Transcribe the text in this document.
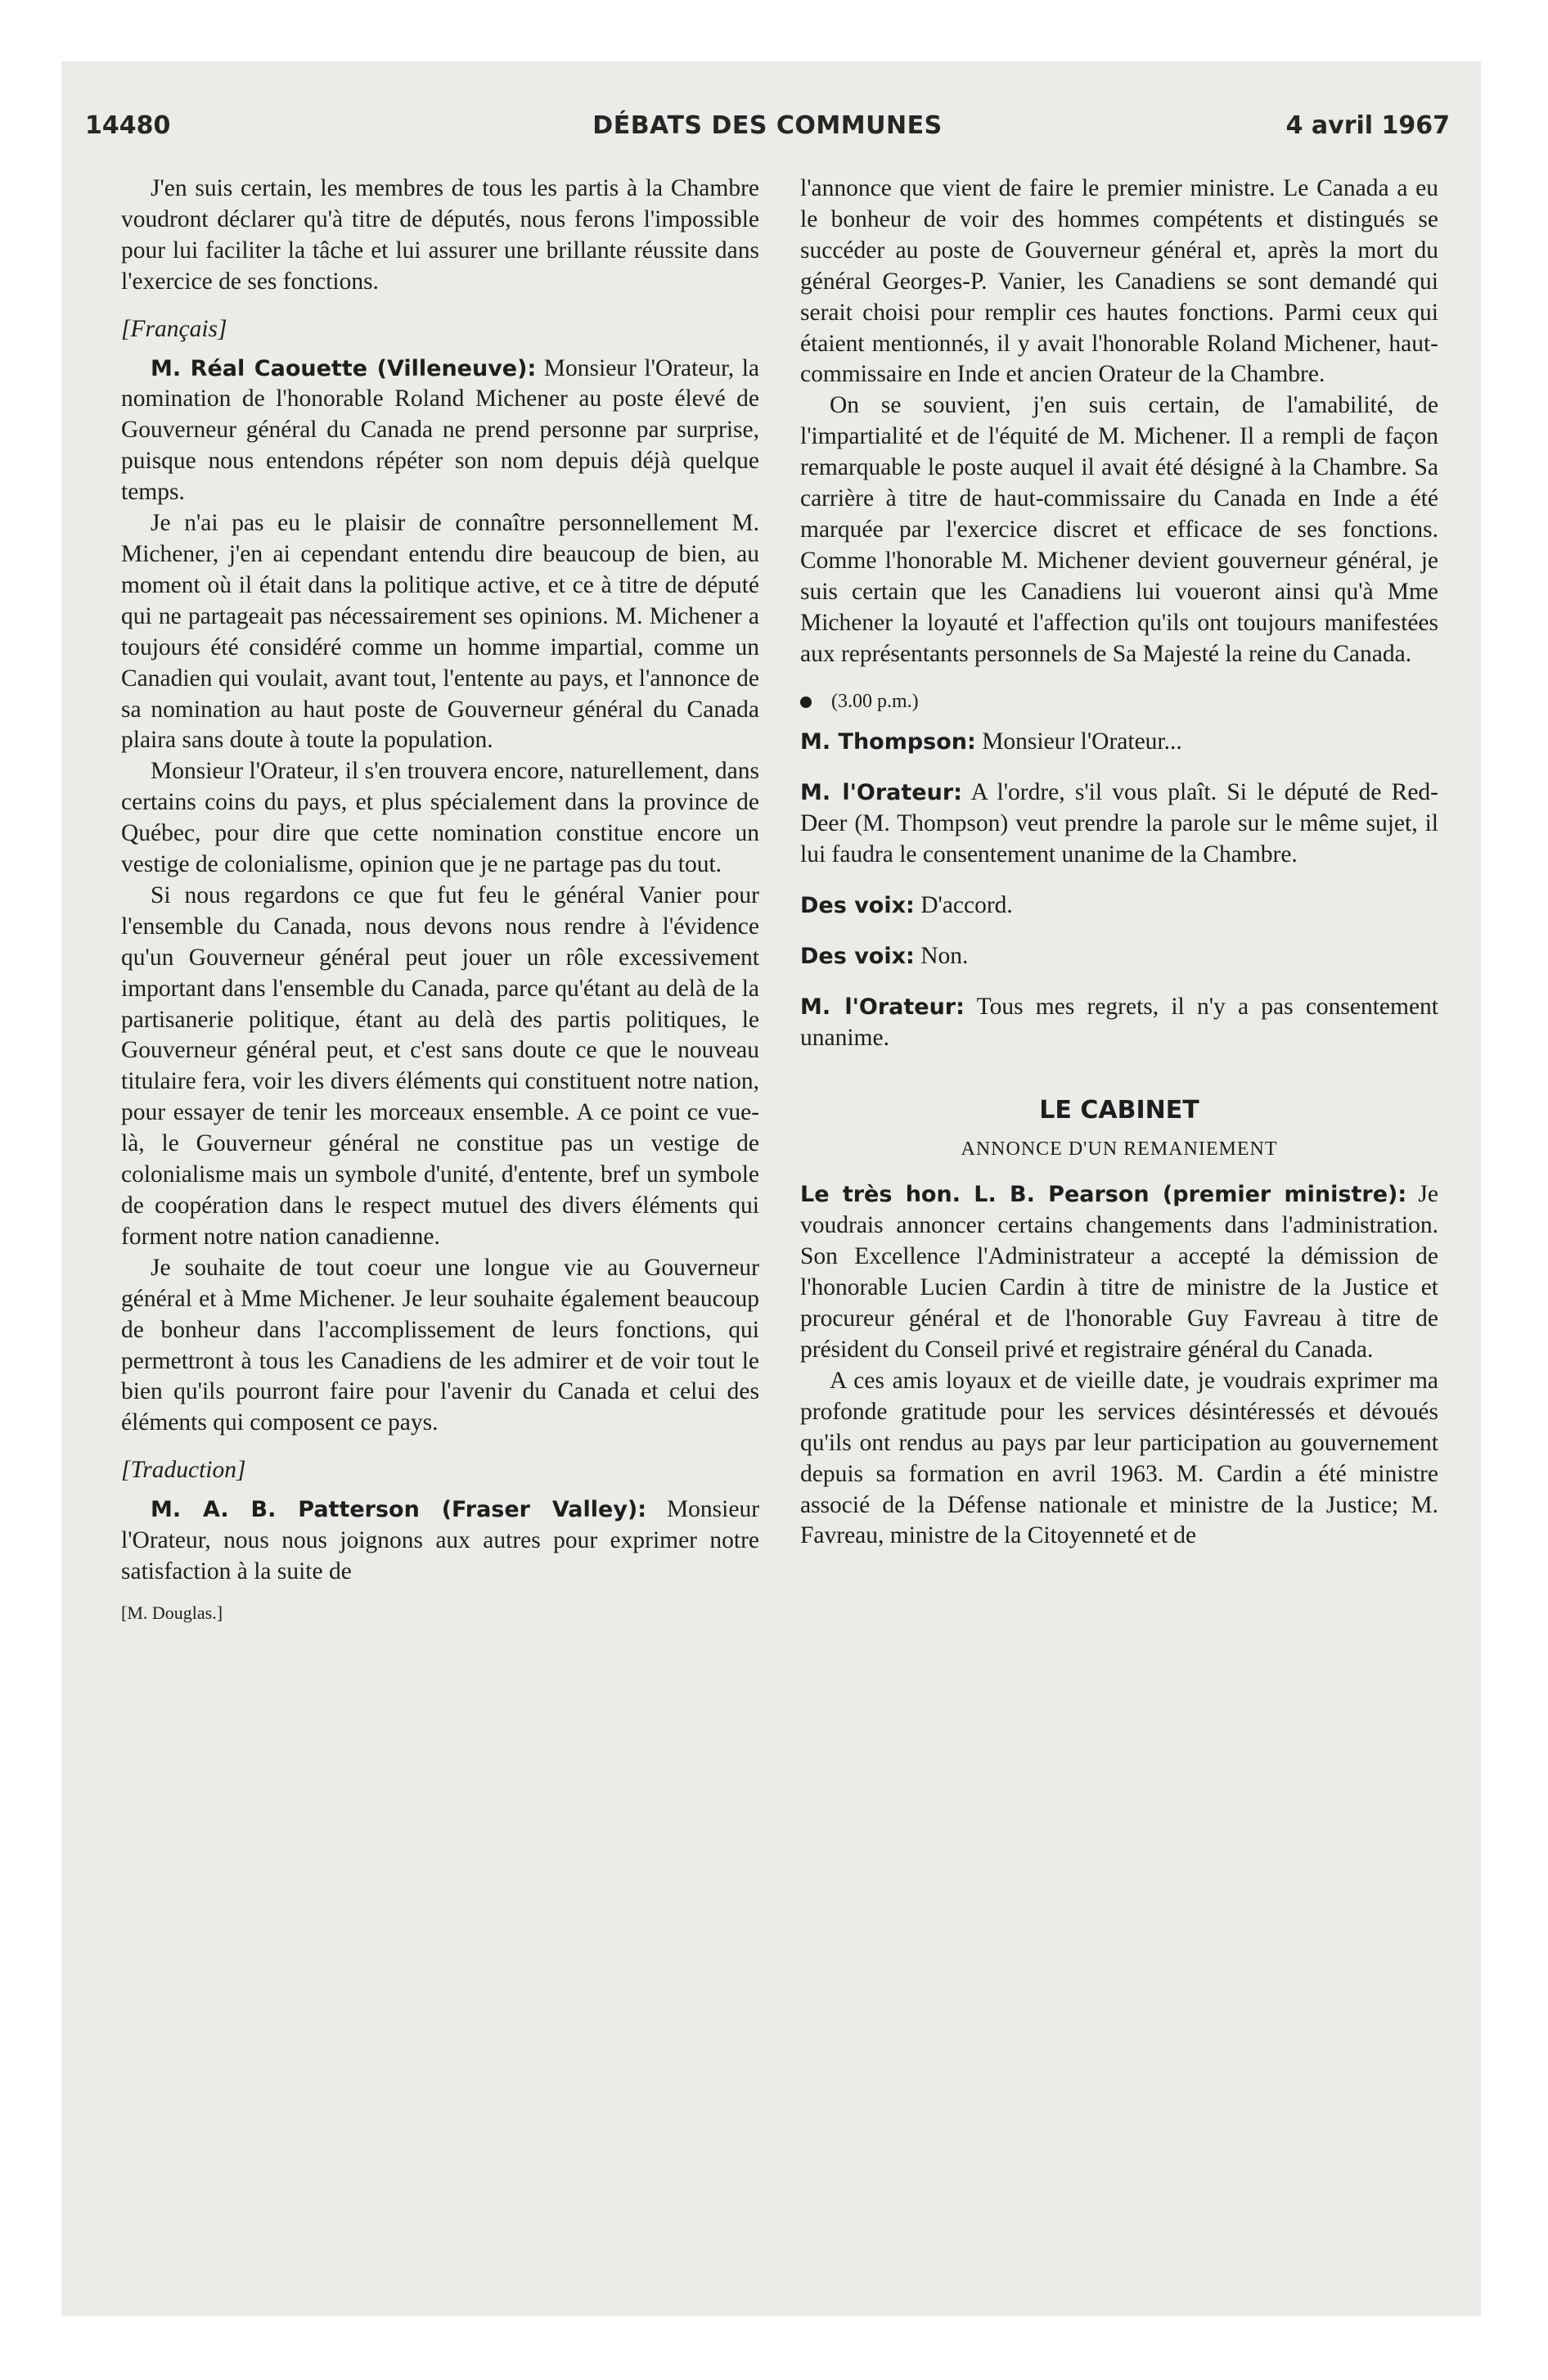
14480	DÉBATS DES COMMUNES	4 avril 1967

J'en suis certain, les membres de tous les partis à la Chambre voudront déclarer qu'à titre de députés, nous ferons l'impossible pour lui faciliter la tâche et lui assurer une brillante réussite dans l'exercice de ses fonctions.

[Français]

M. Réal Caouette (Villeneuve): Monsieur l'Orateur, la nomination de l'honorable Roland Michener au poste élevé de Gouverneur général du Canada ne prend personne par surprise, puisque nous entendons répéter son nom depuis déjà quelque temps.

Je n'ai pas eu le plaisir de connaître personnellement M. Michener, j'en ai cependant entendu dire beaucoup de bien, au moment où il était dans la politique active, et ce à titre de député qui ne partageait pas nécessairement ses opinions. M. Michener a toujours été considéré comme un homme impartial, comme un Canadien qui voulait, avant tout, l'entente au pays, et l'annonce de sa nomination au haut poste de Gouverneur général du Canada plaira sans doute à toute la population.

Monsieur l'Orateur, il s'en trouvera encore, naturellement, dans certains coins du pays, et plus spécialement dans la province de Québec, pour dire que cette nomination constitue encore un vestige de colonialisme, opinion que je ne partage pas du tout.

Si nous regardons ce que fut feu le général Vanier pour l'ensemble du Canada, nous devons nous rendre à l'évidence qu'un Gouverneur général peut jouer un rôle excessivement important dans l'ensemble du Canada, parce qu'étant au delà de la partisanerie politique, étant au delà des partis politiques, le Gouverneur général peut, et c'est sans doute ce que le nouveau titulaire fera, voir les divers éléments qui constituent notre nation, pour essayer de tenir les morceaux ensemble. A ce point ce vue-là, le Gouverneur général ne constitue pas un vestige de colonialisme mais un symbole d'unité, d'entente, bref un symbole de coopération dans le respect mutuel des divers éléments qui forment notre nation canadienne.

Je souhaite de tout coeur une longue vie au Gouverneur général et à Mme Michener. Je leur souhaite également beaucoup de bonheur dans l'accomplissement de leurs fonctions, qui permettront à tous les Canadiens de les admirer et de voir tout le bien qu'ils pourront faire pour l'avenir du Canada et celui des éléments qui composent ce pays.

[Traduction]

M. A. B. Patterson (Fraser Valley): Monsieur l'Orateur, nous nous joignons aux autres pour exprimer notre satisfaction à la suite de

[M. Douglas.]

l'annonce que vient de faire le premier ministre. Le Canada a eu le bonheur de voir des hommes compétents et distingués se succéder au poste de Gouverneur général et, après la mort du général Georges-P. Vanier, les Canadiens se sont demandé qui serait choisi pour remplir ces hautes fonctions. Parmi ceux qui étaient mentionnés, il y avait l'honorable Roland Michener, haut-commissaire en Inde et ancien Orateur de la Chambre.

On se souvient, j'en suis certain, de l'amabilité, de l'impartialité et de l'équité de M. Michener. Il a rempli de façon remarquable le poste auquel il avait été désigné à la Chambre. Sa carrière à titre de haut-commissaire du Canada en Inde a été marquée par l'exercice discret et efficace de ses fonctions. Comme l'honorable M. Michener devient gouverneur général, je suis certain que les Canadiens lui voueront ainsi qu'à Mme Michener la loyauté et l'affection qu'ils ont toujours manifestées aux représentants personnels de Sa Majesté la reine du Canada.

(3.00 p.m.)

M. Thompson: Monsieur l'Orateur...

M. l'Orateur: A l'ordre, s'il vous plaît. Si le député de Red-Deer (M. Thompson) veut prendre la parole sur le même sujet, il lui faudra le consentement unanime de la Chambre.

Des voix: D'accord.

Des voix: Non.

M. l'Orateur: Tous mes regrets, il n'y a pas consentement unanime.

LE CABINET

ANNONCE D'UN REMANIEMENT

Le très hon. L. B. Pearson (premier ministre): Je voudrais annoncer certains changements dans l'administration. Son Excellence l'Administrateur a accepté la démission de l'honorable Lucien Cardin à titre de ministre de la Justice et procureur général et de l'honorable Guy Favreau à titre de président du Conseil privé et registraire général du Canada.

A ces amis loyaux et de vieille date, je voudrais exprimer ma profonde gratitude pour les services désintéressés et dévoués qu'ils ont rendus au pays par leur participation au gouvernement depuis sa formation en avril 1963. M. Cardin a été ministre associé de la Défense nationale et ministre de la Justice; M. Favreau, ministre de la Citoyenneté et de
